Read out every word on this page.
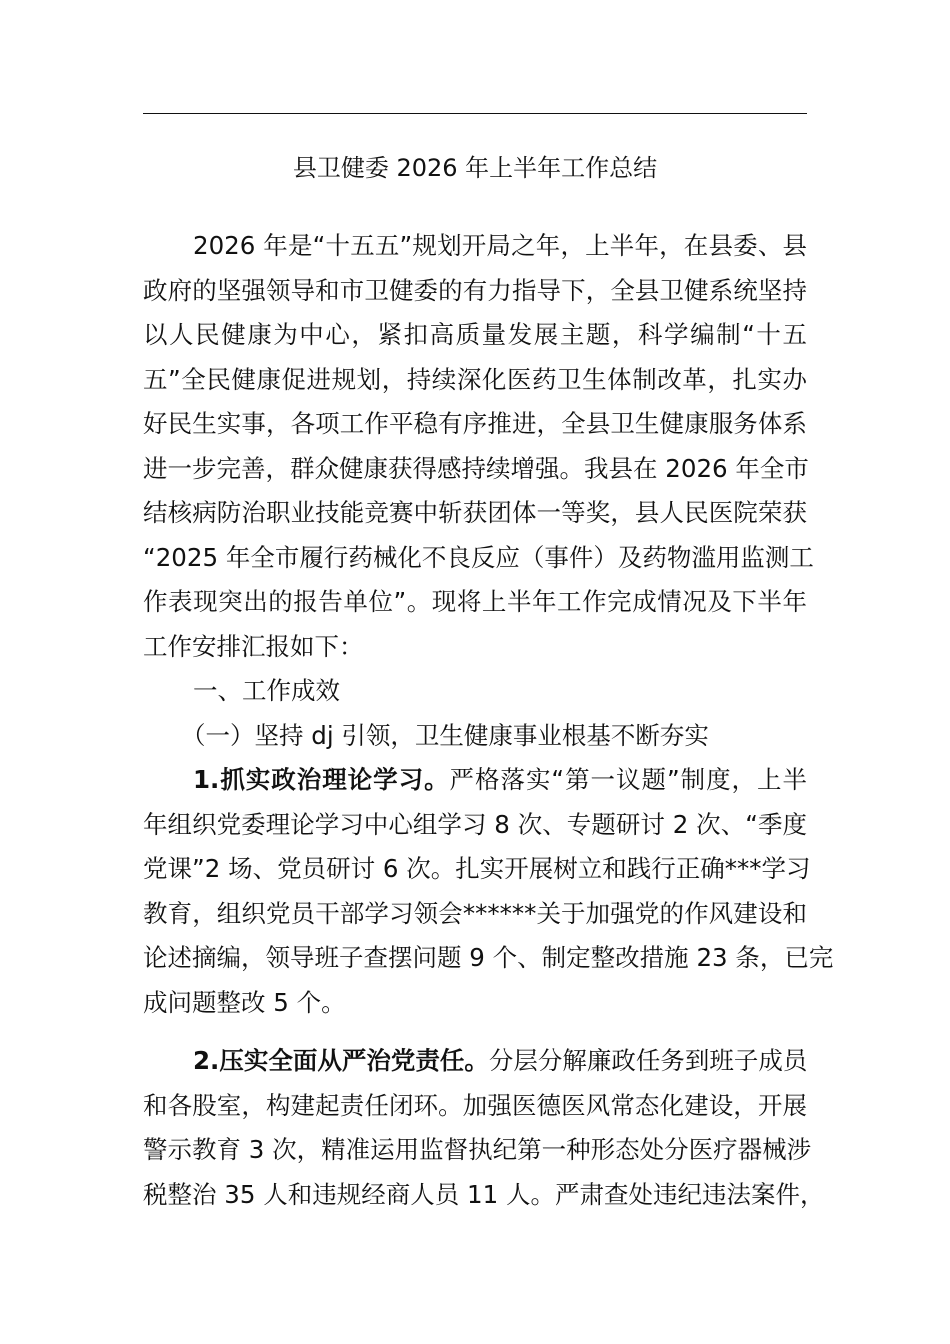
县卫健委 2026 年上半年工作总结
2026 年是“十五五”规划开局之年，上半年，在县委、县
政府的坚强领导和市卫健委的有力指导下，全县卫健系统坚持
以人民健康为中心，紧扣高质量发展主题，科学编制“十五
五”全民健康促进规划，持续深化医药卫生体制改革，扎实办
好民生实事，各项工作平稳有序推进，全县卫生健康服务体系
进一步完善，群众健康获得感持续增强。我县在 2026 年全市
结核病防治职业技能竞赛中斩获团体一等奖，县人民医院荣获
“2025 年全市履行药械化不良反应（事件）及药物滥用监测工
作表现突出的报告单位”。现将上半年工作完成情况及下半年
工作安排汇报如下：
一、工作成效
（一）坚持 dj 引领，卫生健康事业根基不断夯实
1.抓实政治理论学习。严格落实“第一议题”制度，上半
年组织党委理论学习中心组学习 8 次、专题研讨 2 次、“季度
党课”2 场、党员研讨 6 次。扎实开展树立和践行正确***学习
教育，组织党员干部学习领会******关于加强党的作风建设和
论述摘编，领导班子查摆问题 9 个、制定整改措施 23 条，已完
成问题整改 5 个。
2.压实全面从严治党责任。分层分解廉政任务到班子成员
和各股室，构建起责任闭环。加强医德医风常态化建设，开展
警示教育 3 次，精准运用监督执纪第一种形态处分医疗器械涉
税整治 35 人和违规经商人员 11 人。严肃查处违纪违法案件，
